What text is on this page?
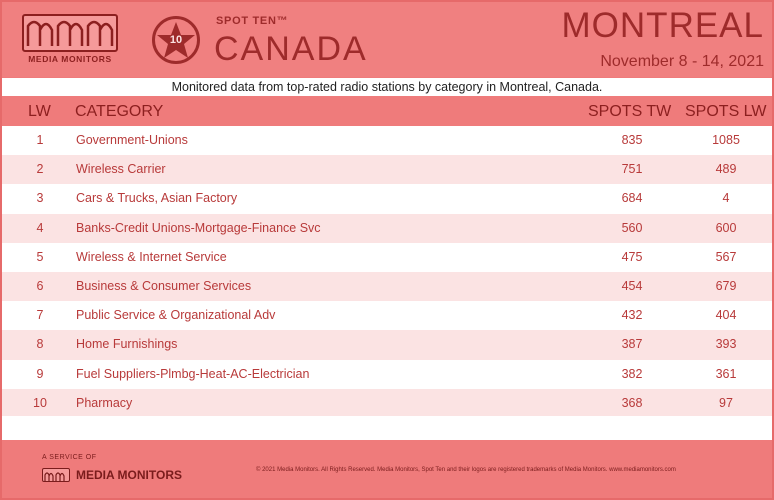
MEDIA MONITORS
10
SPOT TEN™
CANADA
MONTREAL
November 8 - 14, 2021
Monitored data from top-rated radio stations by category in Montreal, Canada.
LW CATEGORY	SPOTS TW SPOTS LW
1	Government-Unions	835	1085
2	Wireless Carrier	751	489
3	Cars & Trucks, Asian Factory	684	4
4	Banks-Credit Unions-Mortgage-Finance Svc	560	600
5	Wireless & Internet Service	475	567
6	Business & Consumer Services	454	679
7	Public Service & Organizational Adv	432	404
8	Home Furnishings	387	393
9	Fuel Suppliers-Plmbg-Heat-AC-Electrician	382	361
10	Pharmacy	368	97
A SERVICE OF
MEDIA MONITORS	© 2021 Media Monitors. All Rights Reserved. Media Monitors, Spot Ten and their logos are registered trademarks of Media Monitors. www.mediamonitors.com
